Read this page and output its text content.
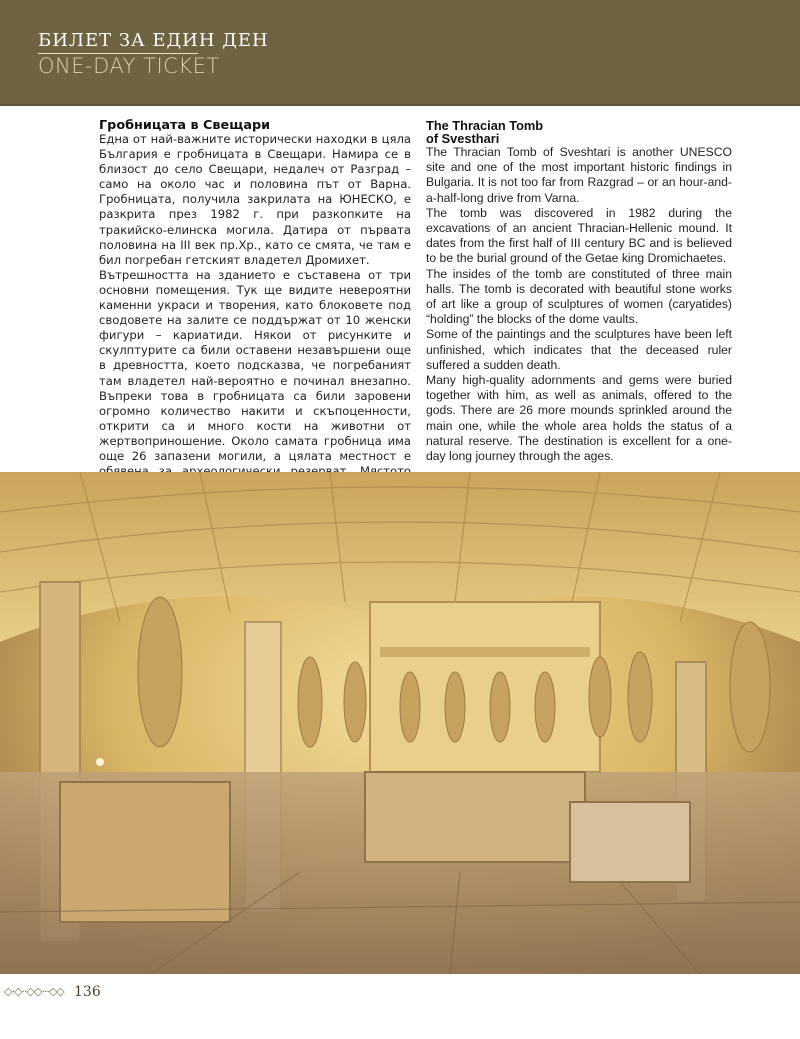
БИЛЕТ ЗА ЕДИН ДЕН
ONE-DAY TICKET
Гробницата в Свещари

Една от най-важните исторически находки в цяла България е гробницата в Свещари. Намира се в близост до село Свещари, недалеч от Разград – само на около час и половина път от Варна. Гробницата, получила закрилата на ЮНЕСКО, е разкрита през 1982 г. при разкопките на тракийско-елинска могила. Датира от първата половина на III век пр.Хр., като се смята, че там е бил погребан гетският владетел Дромихет.

Вътрешността на зданието е съставена от три основни помещения. Тук ще видите невероятни каменни украси и творения, като блоковете под сводовете на залите се поддържат от 10 женски фигури – кариатиди. Някои от рисунките и скулптурите са били оставени незавършени още в древността, което подсказва, че погребаният там владетел най-вероятно е починал внезапно. Въпреки това в гробницата са били заровени огромно количество накити и скъпоценности, открити са и много кости на животни от жертвоприношение. Около самата гробница има още 26 запазени могили, а цялата местност е

The Thracian Tomb
of Svesthari

The Thracian Tomb of Sveshtari is another UNESCO site and one of the most important historic findings in Bulgaria. It is not too far from Razgrad – or an hour-and-a-half-long drive from Varna.

The tomb was discovered in 1982 during the excavations of an ancient Thracian-Hellenic mound. It dates from the first half of III century BC and is believed to be the burial ground of the Getae king Dromichaetes.

The insides of the tomb are constituted of three main halls. The tomb is decorated with beautiful stone works of art like a group of sculptures of women (caryatides) “holding” the blocks of the dome vaults.

Some of the paintings and the sculptures have been left unfinished, which indicates that the deceased ruler suffered a sudden death.

Many high-quality adornments and gems were buried together with him, as well as animals, offered to the gods. There are 26 more mounds sprinkled around the main one, while the whole area holds the status of a natural reserve. The destination is excellent for a one-day long journey through the ages.

◇·◇··◇◇···◇◇ 136
